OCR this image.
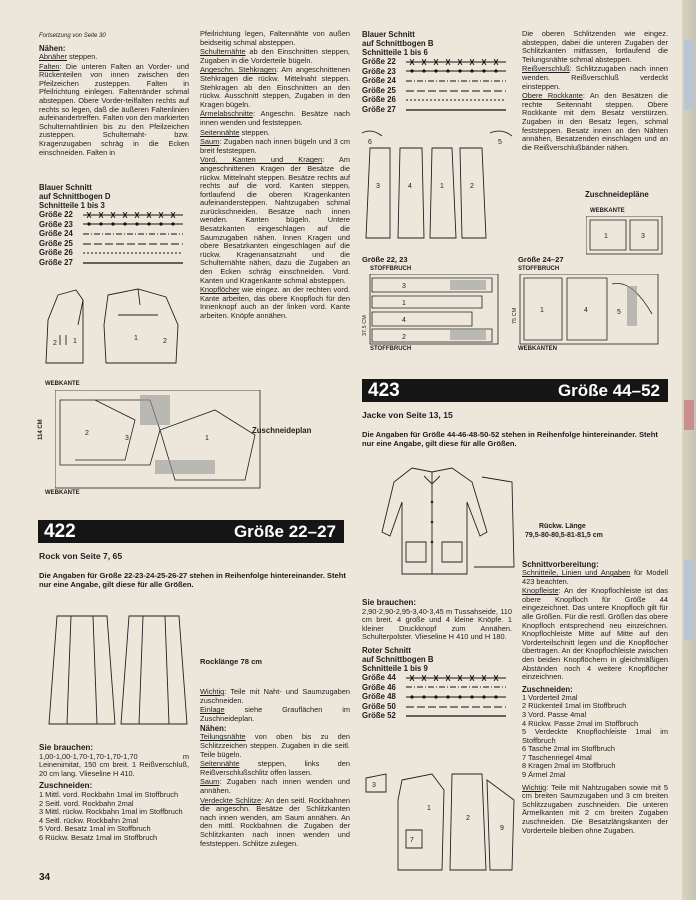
Fortsetzung von Seite 30
Nähen:

Abnäher steppen.

Falten: Die unteren Falten an Vorder- und Rückenteilen von innen zwischen den Pfeilzeichen zusteppen. Falten in Pfeilrichtung einlegen. Faltenränder schmal absteppen. Obere Vorder-teilfalten rechts auf rechts so legen, daß die äußeren Faltenlinien aufeinandertreffen. Falten von den markierten Schulternahtlinien bis zu den Pfeilzeichen zusteppen. Schulternaht- bzw. Kragenzugaben schräg in die Ecken einschneiden. Falten in

Blauer Schnitt
auf Schnittbogen D
Schnitteile 1 bis 3
Größe 22
Größe 23
Größe 24
Größe 25
Größe 26
Größe 27
2 1	1	2
WEBKANTE
WEBKANTE
114 CM	2
3	1
Zuschneideplan

Pfeilrichtung legen, Faltennähte von außen beidseitig schmal absteppen.

Schulternähte ab den Einschnitten steppen, Zugaben in die Vorderteile bügeln.

Angeschn. Stehkragen: Am angeschnittenen Stehkragen die rückw. Mittelnaht steppen. Stehkragen ab den Einschnitten an den rückw. Ausschnitt steppen, Zugaben in den Kragen bügeln.

Ärmelabschnitte: Angeschn. Besätze nach innen wenden und feststeppen.

Seitennähte steppen.

Saum: Zugaben nach innen bügeln und 3 cm breit feststeppen.

Vord. Kanten und Kragen: Am angeschnittenen Kragen der Besätze die rückw. Mittelnaht steppen. Besätze rechts auf rechts auf die vord. Kanten steppen, fortlaufend die oberen Kragenkanten aufeinandersteppen. Nahtzugaben schmal zurückschneiden. Besätze nach innen wenden. Kanten bügeln. Untere Besatzkanten eingeschlagen auf die Saumzugaben nähen. Innen Kragen und obere Besatzkanten eingeschlagen auf die rückw. Kragenansatznaht und die Schulternähte nähen, dazu die Zugaben an den Ecken schräg einschneiden. Vord. Kanten und Kragenkante schmal absteppen.

Knopflöcher wie eingez. an der rechten vord. Kante arbeiten, das obere Knopfloch für den Innenknopf auch an der linken vord. Kante arbeiten. Knöpfe annähen.

Blauer Schnitt
auf Schnittbogen B
Schnitteile 1 bis 6
Größe 22
Größe 23
Größe 24
Größe 25
Größe 26
Größe 27
3	4	1	2
6	5
Größe 22, 23	Größe 24–27
STOFFBRUCH
STOFFBRUCH
STOFFBRUCH
WEBKANTEN
3
1
4
2
37,5 CM
1	4	5
75 CM

Die oberen Schlitzenden wie eingez. absteppen, dabei die unteren Zugaben der Schlitzkanten mitfassen, fortlaufend die Teilungsnähte schmal absteppen.

Reißverschluß: Schlitzzugaben nach innen wenden. Reißverschluß verdeckt einsteppen.

Obere Rockkante: An den Besätzen die rechte Seitennaht steppen. Obere Rockkante mit dem Besatz verstürzen. Zugaben in den Besatz legen, schmal feststeppen. Besatz innen an den Nähten annähen, Besatzenden einschlagen und an die Reißverschlußbänder nähen.

Zuschneidepläne
WEBKANTE
1	3
423	Größe 44–52
422	Größe 22–27
Rock von Seite 7, 65
Die Angaben für Größe 22-23-24-25-26-27 stehen in Reihenfolge hintereinander. Steht nur eine Angabe, gilt diese für alle Größen.
Rocklänge 78 cm
Sie brauchen:

1,00-1,00-1,70-1,70-1,70-1,70 m Leinenimitat, 150 cm breit. 1 Reißverschluß, 20 cm lang. Vlieseline H 410.

Zuschneiden:

1 Mittl. vord. Rockbahn 1mal im Stoffbruch

2 Seitl. vord. Rockbahn 2mal

3 Mittl. rückw. Rockbahn 1mal im Stoffbruch

4 Seitl. rückw. Rockbahn 2mal

5 Vord. Besatz 1mal im Stoffbruch

6 Rückw. Besatz 1mal im Stoffbruch

Wichtig: Teile mit Naht- und Saumzugaben zuschneiden.

Einlage siehe Grauflächen im Zuschneideplan.

Nähen:

Teilungsnähte von oben bis zu den Schlitzzeichen steppen. Zugaben in die seitl. Teile bügeln.

Seitennähte steppen, links den Reißverschlußschlitz offen lassen.

Saum: Zugaben nach innen wenden und annähen.

Verdeckte Schlitze: An den seitl. Rockbahnen die angeschn. Besätze der Schlitzkanten nach innen wenden, am Saum annähen. An den mittl. Rockbahnen die Zugaben der Schlitzkanten nach innen wenden und feststeppen. Schlitze zulegen.

Jacke von Seite 13, 15
Die Angaben für Größe 44-46-48-50-52 stehen in Reihenfolge hintereinander. Steht nur eine Angabe, gilt diese für alle Größen.
Rückw. Länge
79,5-80-80,5-81-81,5 cm
Sie brauchen:

2,90-2,90-2,95-3,40-3,45 m Tussahseide, 110 cm breit. 4 große und 4 kleine Knöpfe. 1 kleiner Druckknopf zum Annähen. Schulterpolster. Vlieseline H 410 und H 180.

Roter Schnitt
auf Schnittbogen B
Schnitteile 1 bis 9
Größe 44
Größe 46
Größe 48
Größe 50
Größe 52
3
1
7
2
9
Schnittvorbereitung:

Schnitteile, Linien und Angaben für Modell 423 beachten.

Knopfleiste: An der Knopflochleiste ist das obere Knopfloch für Größe 44 eingezeichnet. Das untere Knopfloch gilt für alle Größen. Für die restl. Größen das obere Knopfloch entsprechend neu einzeichnen. Knopflochleiste Mitte auf Mitte auf den Vorderteilschnitt legen und die Knopflöcher übertragen. An der Knopflochleiste zwischen den beiden Knopflöchern in gleichmäßigen Abständen noch 4 weitere Knopflöcher einzeichnen.

Zuschneiden:

1 Vorderteil 2mal

2 Rückenteil 1mal im Stoffbruch

3 Vord. Passe 4mal

4 Rückw. Passe 2mal im Stoffbruch

5 Verdeckte Knopflochleiste 1mal im Stoffbruch

6 Tasche 2mal im Stoffbruch

7 Taschenriegel 4mal

8 Kragen 2mal im Stoffbruch

9 Ärmel 2mal

Wichtig: Teile mit Nahtzugaben sowie mit 5 cm breiten Saumzugaben und 3 cm breiten Schlitzzugaben zuschneiden. Die unteren Ärmelkanten mit 2 cm breiten Zugaben zuschneiden. Die Besatzlängskanten der Vorderteile bleiben ohne Zugaben.

34
